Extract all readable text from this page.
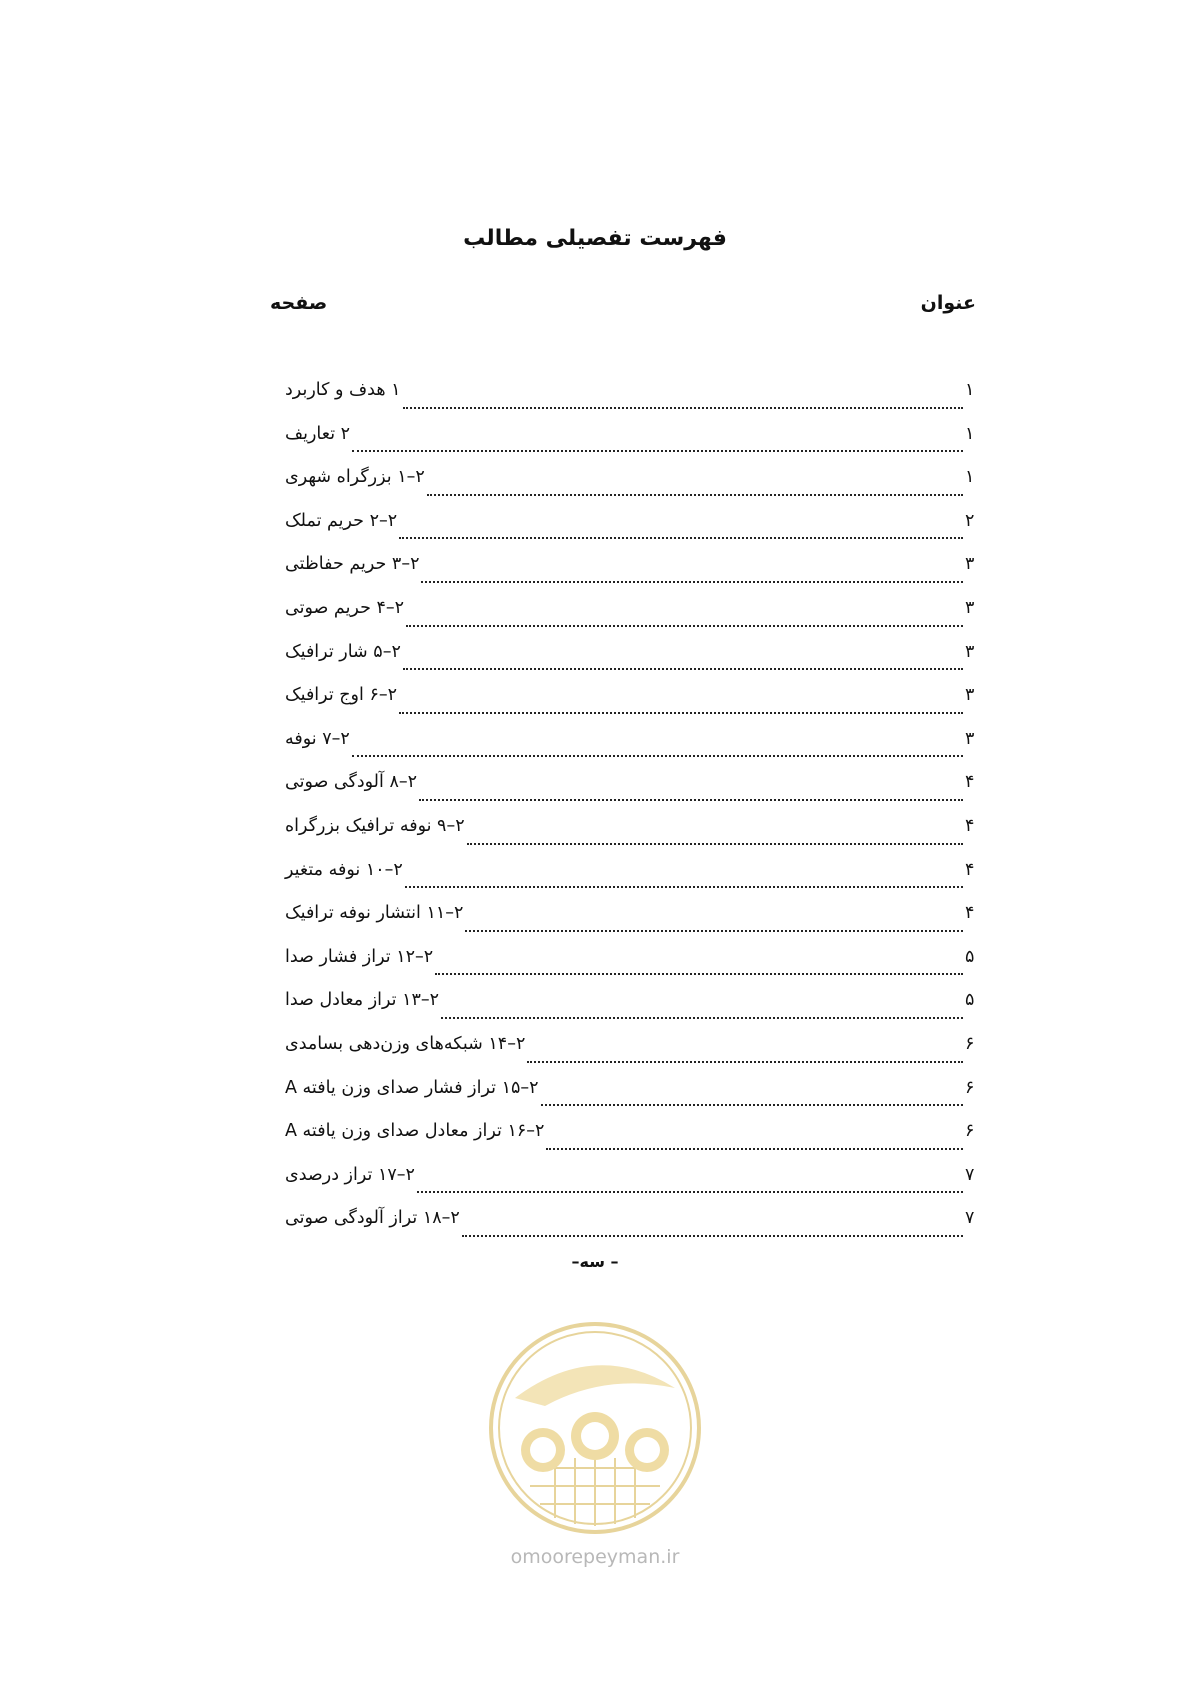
فهرست تفصیلی مطالب
عنوان
صفحه
۱ هدف و کاربرد	۱
۲ تعاریف	۱
۲–۱ بزرگراه شهری	۱
۲–۲ حریم تملک	۲
۲–۳ حریم حفاظتی	۳
۲–۴ حریم صوتی	۳
۲–۵ شار ترافیک	۳
۲–۶ اوج ترافیک	۳
۲–۷ نوفه	۳
۲–۸ آلودگی صوتی	۴
۲–۹ نوفه ترافیک بزرگراه	۴
۲–۱۰ نوفه متغیر	۴
۲–۱۱ انتشار نوفه ترافیک	۴
۲–۱۲ تراز فشار صدا	۵
۲–۱۳ تراز معادل صدا	۵
۲–۱۴ شبکه‌های وزن‌دهی بسامدی	۶
۲–۱۵ تراز فشار صدای وزن یافته A	۶
۲–۱۶ تراز معادل صدای وزن یافته A	۶
۲–۱۷ تراز درصدی	۷
۲–۱۸ تراز آلودگی صوتی	۷
– سه–
omoorepeyman.ir
